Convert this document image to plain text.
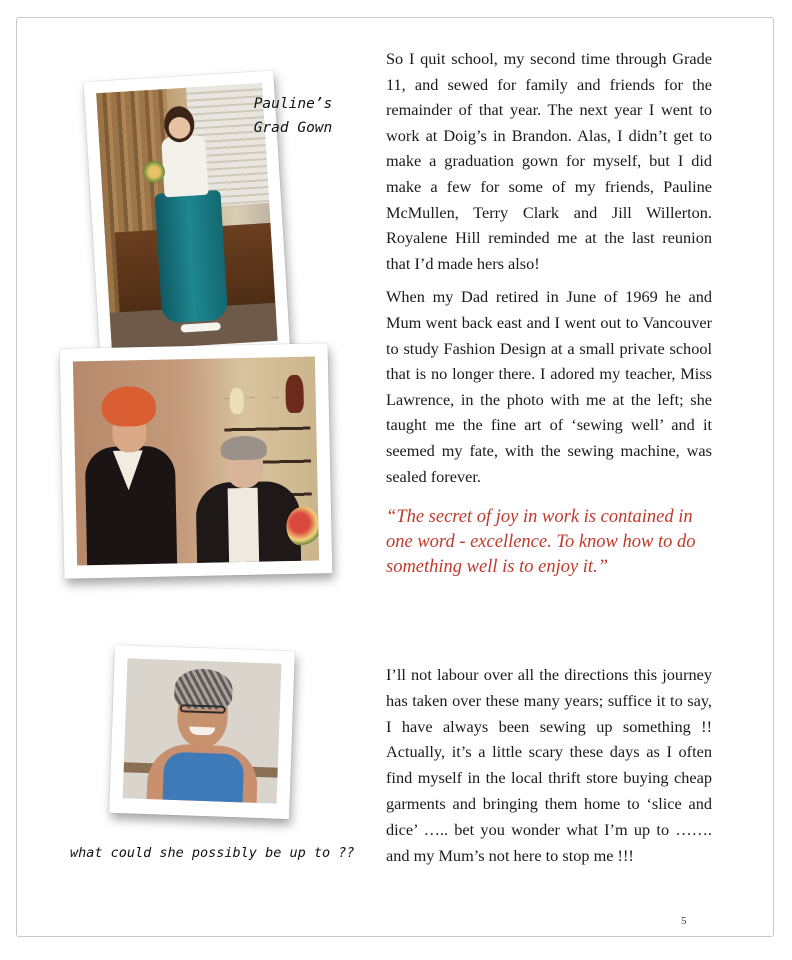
Pauline’s
Grad Gown
what could she possibly be up to ??

So I quit school, my second time through Grade 11, and sewed for family and friends for the remainder of that year. The next year I went to work at Doig’s in Brandon. Alas, I didn’t get to make a graduation gown for myself, but I did make a few for some of my friends, Pauline McMullen, Terry Clark and Jill Willerton. Royalene Hill reminded me at the last reunion that I’d made hers also!

When my Dad retired in June of 1969 he and Mum went back east and I went out to Vancouver to study Fashion Design at a small private school that is no longer there. I adored my teacher, Miss Lawrence, in the photo with me at the left; she taught me the fine art of ‘sewing well’ and it seemed my fate, with the sewing machine, was sealed forever.

“The secret of joy in work is contained in one word - excellence. To know how to do something well is to enjoy it.”

I’ll not labour over all the directions this journey has taken over these many years; suffice it to say, I have always been sewing up something !! Actually, it’s a little scary these days as I often find myself in the local thrift store buying cheap garments and bringing them home to ‘slice and dice’ ….. bet you wonder what I’m up to ……. and my Mum’s not here to stop me !!!

5
